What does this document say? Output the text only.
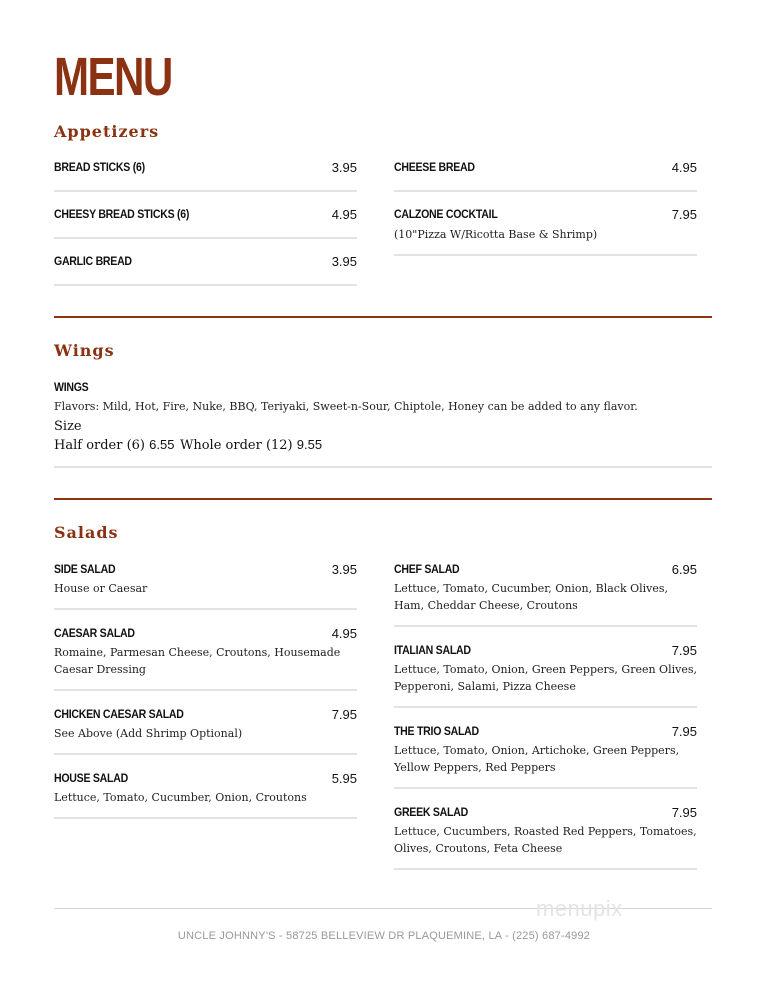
MENU
Appetizers
BREAD STICKS (6)	3.95
CHEESY BREAD STICKS (6)	4.95
GARLIC BREAD	3.95
CHEESE BREAD	4.95
CALZONE COCKTAIL	7.95
(10"Pizza W/Ricotta Base & Shrimp)
Wings
WINGS
Flavors: Mild, Hot, Fire, Nuke, BBQ, Teriyaki, Sweet-n-Sour, Chiptole, Honey can be added to any flavor.
Size
Half order (6) 6.55 Whole order (12) 9.55
Salads
SIDE SALAD	3.95
House or Caesar
CAESAR SALAD	4.95
Romaine, Parmesan Cheese, Croutons, Housemade Caesar Dressing
CHICKEN CAESAR SALAD	7.95
See Above (Add Shrimp Optional)
HOUSE SALAD	5.95
Lettuce, Tomato, Cucumber, Onion, Croutons
CHEF SALAD	6.95
Lettuce, Tomato, Cucumber, Onion, Black Olives, Ham, Cheddar Cheese, Croutons
ITALIAN SALAD	7.95
Lettuce, Tomato, Onion, Green Peppers, Green Olives, Pepperoni, Salami, Pizza Cheese
THE TRIO SALAD	7.95
Lettuce, Tomato, Onion, Artichoke, Green Peppers, Yellow Peppers, Red Peppers
GREEK SALAD	7.95
Lettuce, Cucumbers, Roasted Red Peppers, Tomatoes, Olives, Croutons, Feta Cheese
menupix
UNCLE JOHNNY'S - 58725 BELLEVIEW DR PLAQUEMINE, LA - (225) 687-4992
